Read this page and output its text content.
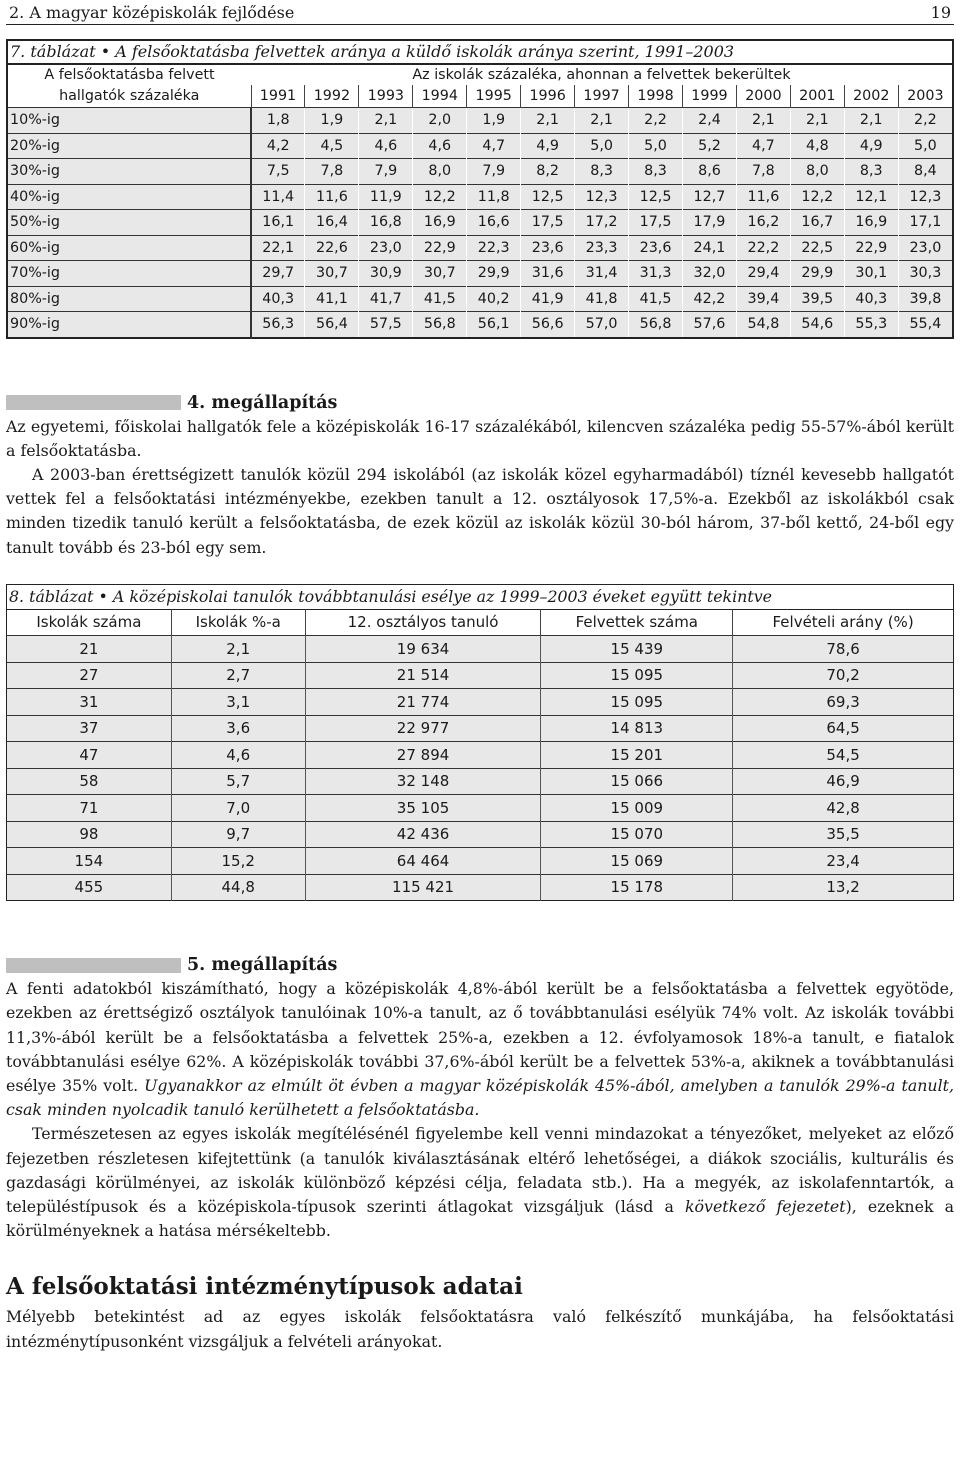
2. A magyar középiskolák fejlődése	19
7. táblázat • A felsőoktatásba felvettek aránya a küldő iskolák aránya szerint, 1991–2003
A felsőoktatásba felvett	Az iskolák százaléka, ahonnan a felvettek bekerültek												
hallgatók százaléka	1991	1992	1993	1994	1995	1996	1997	1998	1999	2000	2001	2002	2003
10%-ig	1,8	1,9	2,1	2,0	1,9	2,1	2,1	2,2	2,4	2,1	2,1	2,1	2,2
20%-ig	4,2	4,5	4,6	4,6	4,7	4,9	5,0	5,0	5,2	4,7	4,8	4,9	5,0
30%-ig	7,5	7,8	7,9	8,0	7,9	8,2	8,3	8,3	8,6	7,8	8,0	8,3	8,4
40%-ig	11,4	11,6	11,9	12,2	11,8	12,5	12,3	12,5	12,7	11,6	12,2	12,1	12,3
50%-ig	16,1	16,4	16,8	16,9	16,6	17,5	17,2	17,5	17,9	16,2	16,7	16,9	17,1
60%-ig	22,1	22,6	23,0	22,9	22,3	23,6	23,3	23,6	24,1	22,2	22,5	22,9	23,0
70%-ig	29,7	30,7	30,9	30,7	29,9	31,6	31,4	31,3	32,0	29,4	29,9	30,1	30,3
80%-ig	40,3	41,1	41,7	41,5	40,2	41,9	41,8	41,5	42,2	39,4	39,5	40,3	39,8
90%-ig	56,3	56,4	57,5	56,8	56,1	56,6	57,0	56,8	57,6	54,8	54,6	55,3	55,4
4. megállapítás

Az egyetemi, főiskolai hallgatók fele a középiskolák 16-17 százalékából, kilencven százaléka pedig 55-57%-ából került a felsőoktatásba.

A 2003-ban érettségizett tanulók közül 294 iskolából (az iskolák közel egyharmadából) tíznél kevesebb hallgatót vettek fel a felsőoktatási intézményekbe, ezekben tanult a 12. osztályosok 17,5%-a. Ezekből az iskolákból csak minden tizedik tanuló került a felsőoktatásba, de ezek közül az iskolák közül 30-ból három, 37-ből kettő, 24-ből egy tanult tovább és 23-ból egy sem.

8. táblázat • A középiskolai tanulók továbbtanulási esélye az 1999–2003 éveket együtt tekintve
Iskolák száma	Iskolák %-a	12. osztályos tanuló	Felvettek száma	Felvételi arány (%)
21	2,1	19 634	15 439	78,6
27	2,7	21 514	15 095	70,2
31	3,1	21 774	15 095	69,3
37	3,6	22 977	14 813	64,5
47	4,6	27 894	15 201	54,5
58	5,7	32 148	15 066	46,9
71	7,0	35 105	15 009	42,8
98	9,7	42 436	15 070	35,5
154	15,2	64 464	15 069	23,4
455	44,8	115 421	15 178	13,2
5. megállapítás

A fenti adatokból kiszámítható, hogy a középiskolák 4,8%-ából került be a felsőoktatásba a felvettek egyötöde, ezekben az érettségiző osztályok tanulóinak 10%-a tanult, az ő továbbtanulási esélyük 74% volt. Az iskolák további 11,3%-ából került be a felsőoktatásba a felvettek 25%-a, ezekben a 12. évfolyamosok 18%-a tanult, e fiatalok továbbtanulási esélye 62%. A középiskolák további 37,6%-ából került be a felvettek 53%-a, akiknek a továbbtanulási esélye 35% volt. Ugyanakkor az elmúlt öt évben a magyar középiskolák 45%-ából, amelyben a tanulók 29%-a tanult, csak minden nyolcadik tanuló kerülhetett a felsőoktatásba.

Természetesen az egyes iskolák megítélésénél figyelembe kell venni mindazokat a tényezőket, melyeket az előző fejezetben részletesen kifejtettünk (a tanulók kiválasztásának eltérő lehetőségei, a diákok szociális, kulturális és gazdasági körülményei, az iskolák különböző képzési célja, feladata stb.). Ha a megyék, az iskolafenntartók, a településtípusok és a középiskola-típusok szerinti átlagokat vizsgáljuk (lásd a következő fejezetet), ezeknek a körülményeknek a hatása mérsékeltebb.

A felsőoktatási intézménytípusok adatai

Mélyebb betekintést ad az egyes iskolák felsőoktatásra való felkészítő munkájába, ha felsőoktatási intézménytípusonként vizsgáljuk a felvételi arányokat.
